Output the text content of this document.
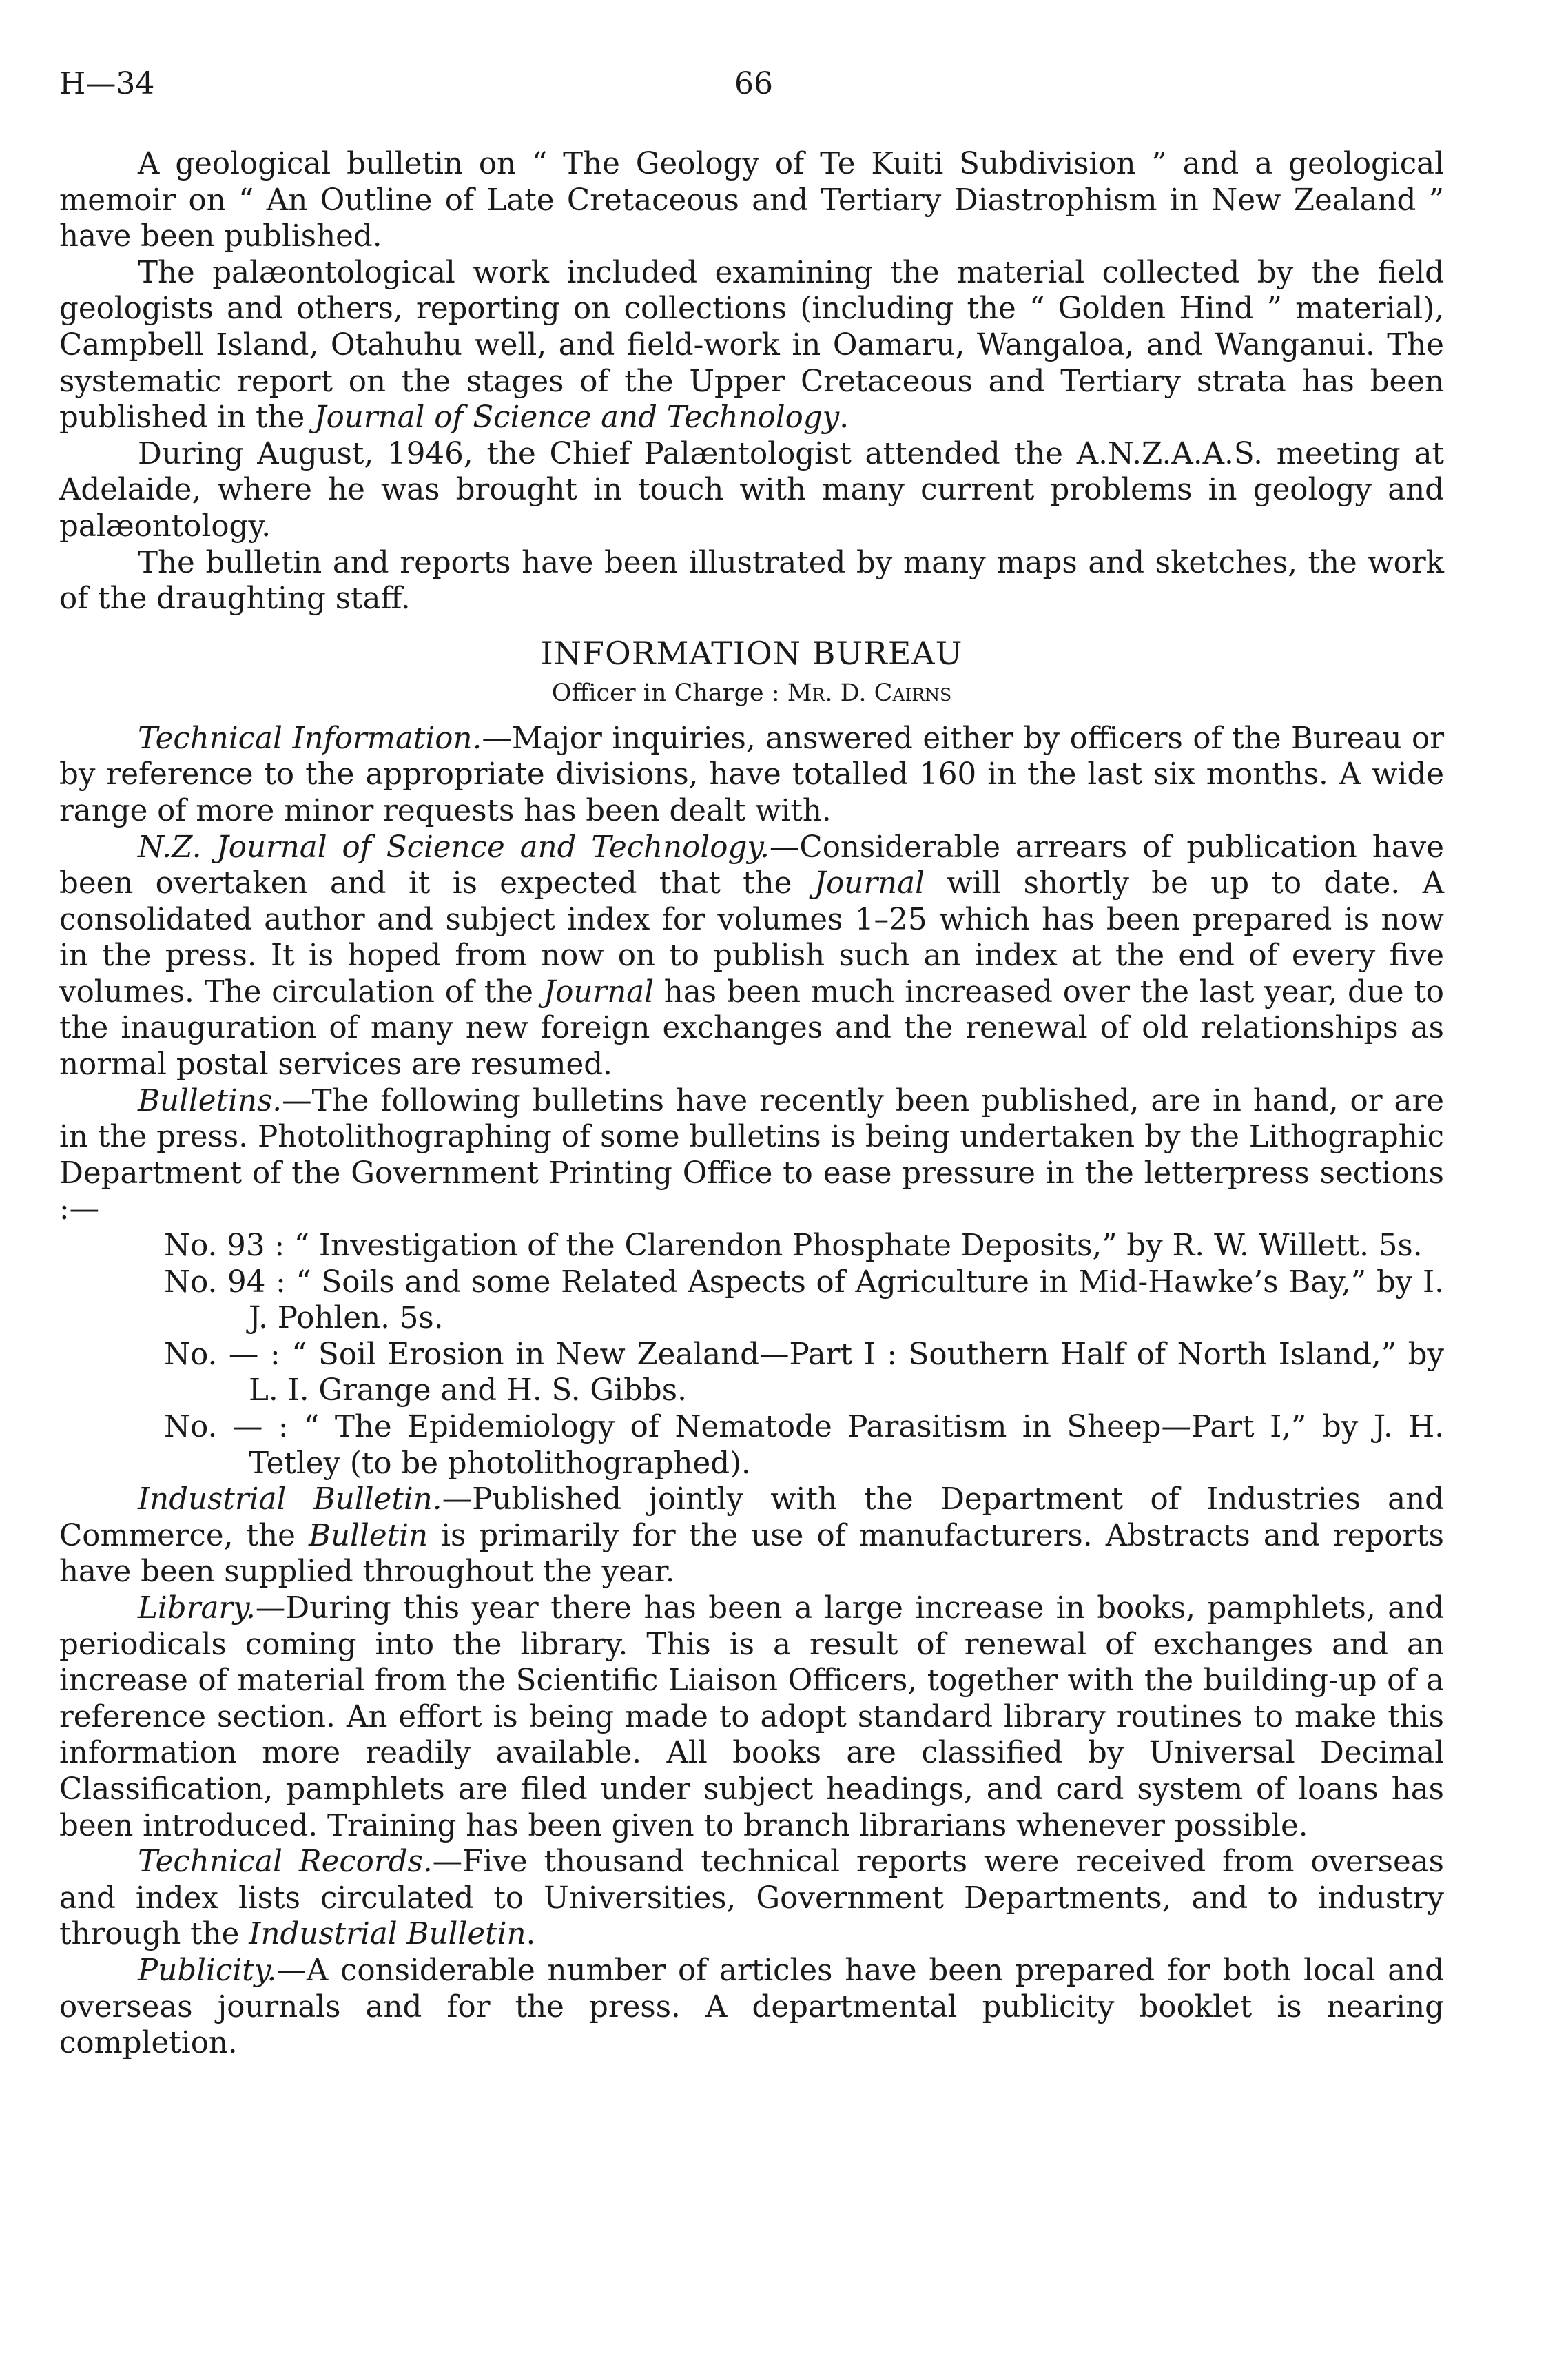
H—34	66

A geological bulletin on “ The Geology of Te Kuiti Subdivision ” and a geological memoir on “ An Outline of Late Cretaceous and Tertiary Diastrophism in New Zealand ” have been published.

The palæontological work included examining the material collected by the field geologists and others, reporting on collections (including the “ Golden Hind ” material), Campbell Island, Otahuhu well, and field-work in Oamaru, Wangaloa, and Wanganui. The systematic report on the stages of the Upper Cretaceous and Tertiary strata has been published in the Journal of Science and Technology.

During August, 1946, the Chief Palæntologist attended the A.N.Z.A.A.S. meeting at Adelaide, where he was brought in touch with many current problems in geology and palæontology.

The bulletin and reports have been illustrated by many maps and sketches, the work of the draughting staff.

INFORMATION BUREAU
Officer in Charge : Mr. D. Cairns

Technical Information.—Major inquiries, answered either by officers of the Bureau or by reference to the appropriate divisions, have totalled 160 in the last six months. A wide range of more minor requests has been dealt with.

N.Z. Journal of Science and Technology.—Considerable arrears of publication have been overtaken and it is expected that the Journal will shortly be up to date. A consolidated author and subject index for volumes 1–25 which has been prepared is now in the press. It is hoped from now on to publish such an index at the end of every five volumes. The circulation of the Journal has been much increased over the last year, due to the inauguration of many new foreign exchanges and the renewal of old relationships as normal postal services are resumed.

Bulletins.—The following bulletins have recently been published, are in hand, or are in the press. Photolithographing of some bulletins is being undertaken by the Lithographic Department of the Government Printing Office to ease pressure in the letterpress sections :—

No. 93 : “ Investigation of the Clarendon Phosphate Deposits,” by R. W. Willett. 5s.
No. 94 : “ Soils and some Related Aspects of Agriculture in Mid-Hawke’s Bay,” by I. J. Pohlen. 5s.
No. — : “ Soil Erosion in New Zealand—Part I : Southern Half of North Island,” by L. I. Grange and H. S. Gibbs.
No. — : “ The Epidemiology of Nematode Parasitism in Sheep—Part I,” by J. H. Tetley (to be photolithographed).

Industrial Bulletin.—Published jointly with the Department of Industries and Commerce, the Bulletin is primarily for the use of manufacturers. Abstracts and reports have been supplied throughout the year.

Library.—During this year there has been a large increase in books, pamphlets, and periodicals coming into the library. This is a result of renewal of exchanges and an increase of material from the Scientific Liaison Officers, together with the building-up of a reference section. An effort is being made to adopt standard library routines to make this information more readily available. All books are classified by Universal Decimal Classification, pamphlets are filed under subject headings, and card system of loans has been introduced. Training has been given to branch librarians whenever possible.

Technical Records.—Five thousand technical reports were received from overseas and index lists circulated to Universities, Government Departments, and to industry through the Industrial Bulletin.

Publicity.—A considerable number of articles have been prepared for both local and overseas journals and for the press. A departmental publicity booklet is nearing completion.
